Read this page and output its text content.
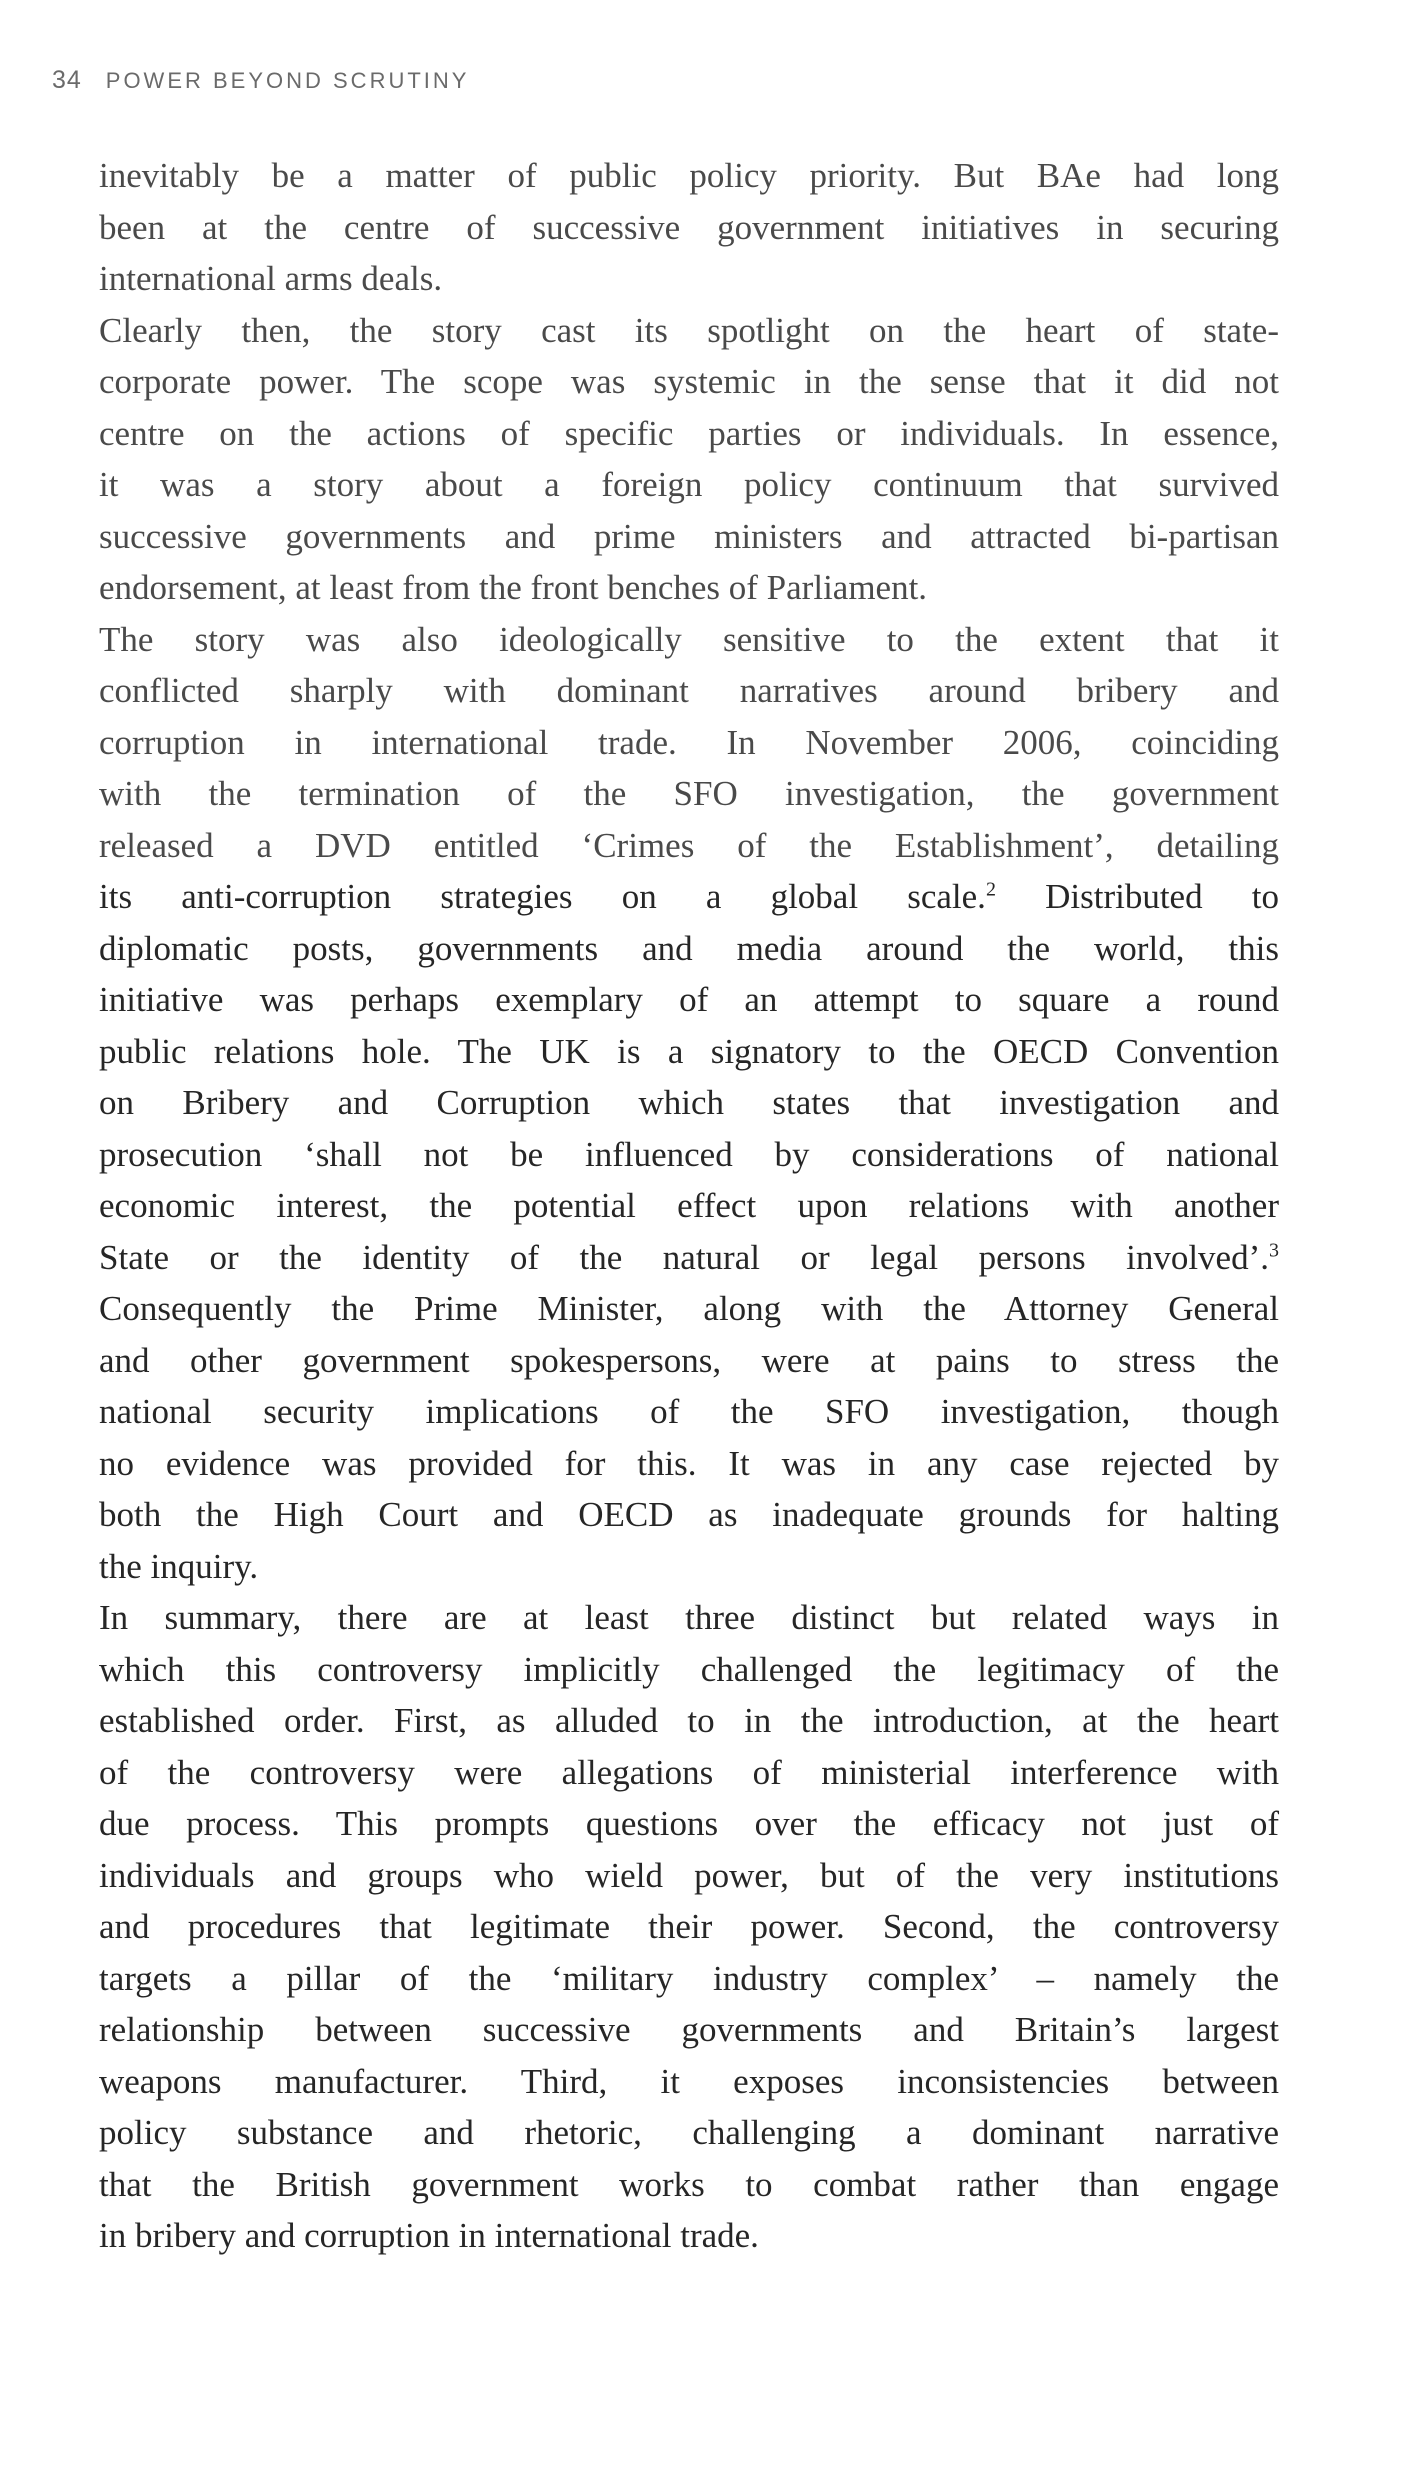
34 POWER BEYOND SCRUTINY
inevitably be a matter of public policy priority. But BAe had long
been at the centre of successive government initiatives in securing
international arms deals.
Clearly then, the story cast its spotlight on the heart of state-
corporate power. The scope was systemic in the sense that it did not
centre on the actions of specific parties or individuals. In essence,
it was a story about a foreign policy continuum that survived
successive governments and prime ministers and attracted bi-partisan
endorsement, at least from the front benches of Parliament.
The story was also ideologically sensitive to the extent that it
conflicted sharply with dominant narratives around bribery and
corruption in international trade. In November 2006, coinciding
with the termination of the SFO investigation, the government
released a DVD entitled ‘Crimes of the Establishment’, detailing
its anti-corruption strategies on a global scale.$^2$ Distributed to
diplomatic posts, governments and media around the world, this
initiative was perhaps exemplary of an attempt to square a round
public relations hole. The UK is a signatory to the OECD Convention
on Bribery and Corruption which states that investigation and
prosecution ‘shall not be influenced by considerations of national
economic interest, the potential effect upon relations with another
State or the identity of the natural or legal persons involved’.$^3$
Consequently the Prime Minister, along with the Attorney General
and other government spokespersons, were at pains to stress the
national security implications of the SFO investigation, though
no evidence was provided for this. It was in any case rejected by
both the High Court and OECD as inadequate grounds for halting
the inquiry.
In summary, there are at least three distinct but related ways in
which this controversy implicitly challenged the legitimacy of the
established order. First, as alluded to in the introduction, at the heart
of the controversy were allegations of ministerial interference with
due process. This prompts questions over the efficacy not just of
individuals and groups who wield power, but of the very institutions
and procedures that legitimate their power. Second, the controversy
targets a pillar of the ‘military industry complex’ – namely the
relationship between successive governments and Britain’s largest
weapons manufacturer. Third, it exposes inconsistencies between
policy substance and rhetoric, challenging a dominant narrative
that the British government works to combat rather than engage
in bribery and corruption in international trade.
